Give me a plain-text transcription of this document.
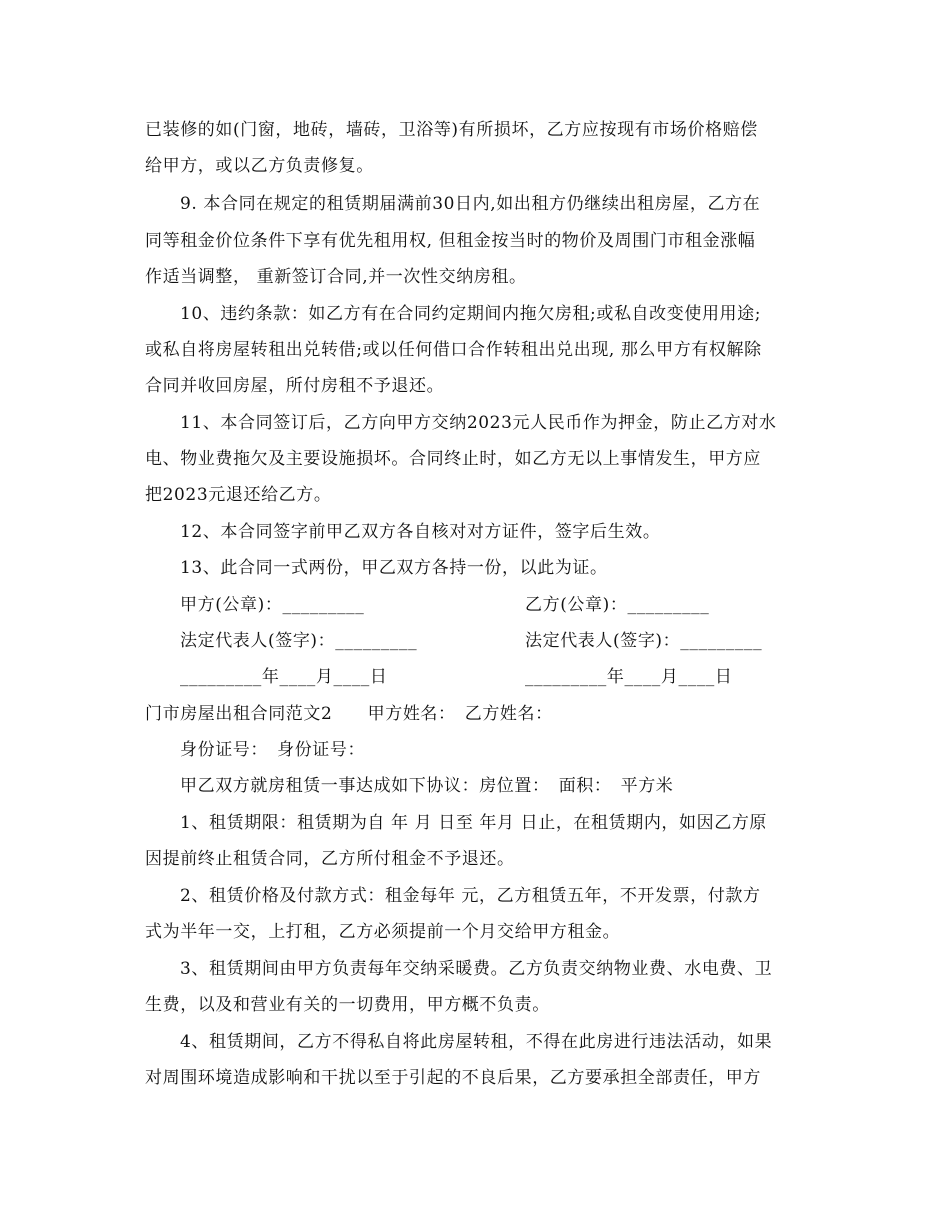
已装修的如(门窗，地砖，墙砖，卫浴等)有所损坏，乙方应按现有市场价格赔偿
给甲方，或以乙方负责修复。
9. 本合同在规定的租赁期届满前30日内,如出租方仍继续出租房屋，乙方在
同等租金价位条件下享有优先租用权, 但租金按当时的物价及周围门市租金涨幅
作适当调整， 重新签订合同,并一次性交纳房租。
10、违约条款：如乙方有在合同约定期间内拖欠房租;或私自改变使用用途;
或私自将房屋转租出兑转借;或以任何借口合作转租出兑出现, 那么甲方有权解除
合同并收回房屋，所付房租不予退还。
11、本合同签订后，乙方向甲方交纳2023元人民币作为押金，防止乙方对水
电、物业费拖欠及主要设施损坏。合同终止时，如乙方无以上事情发生，甲方应
把2023元退还给乙方。
12、本合同签字前甲乙双方各自核对对方证件，签字后生效。
13、此合同一式两份，甲乙双方各持一份，以此为证。
甲方(公章)：_________	乙方(公章)：_________
法定代表人(签字)：_________	法定代表人(签字)：_________
_________年____月____日	_________年____月____日
门市房屋出租合同范文2　　甲方姓名：　乙方姓名：
身份证号：　身份证号：
甲乙双方就房租赁一事达成如下协议：房位置：　面积：　平方米
1、租赁期限：租赁期为自 年 月 日至 年月 日止，在租赁期内，如因乙方原
因提前终止租赁合同，乙方所付租金不予退还。
2、租赁价格及付款方式：租金每年 元，乙方租赁五年，不开发票，付款方
式为半年一交，上打租，乙方必须提前一个月交给甲方租金。
3、租赁期间由甲方负责每年交纳采暖费。乙方负责交纳物业费、水电费、卫
生费，以及和营业有关的一切费用，甲方概不负责。
4、租赁期间，乙方不得私自将此房屋转租，不得在此房进行违法活动，如果
对周围环境造成影响和干扰以至于引起的不良后果，乙方要承担全部责任，甲方
